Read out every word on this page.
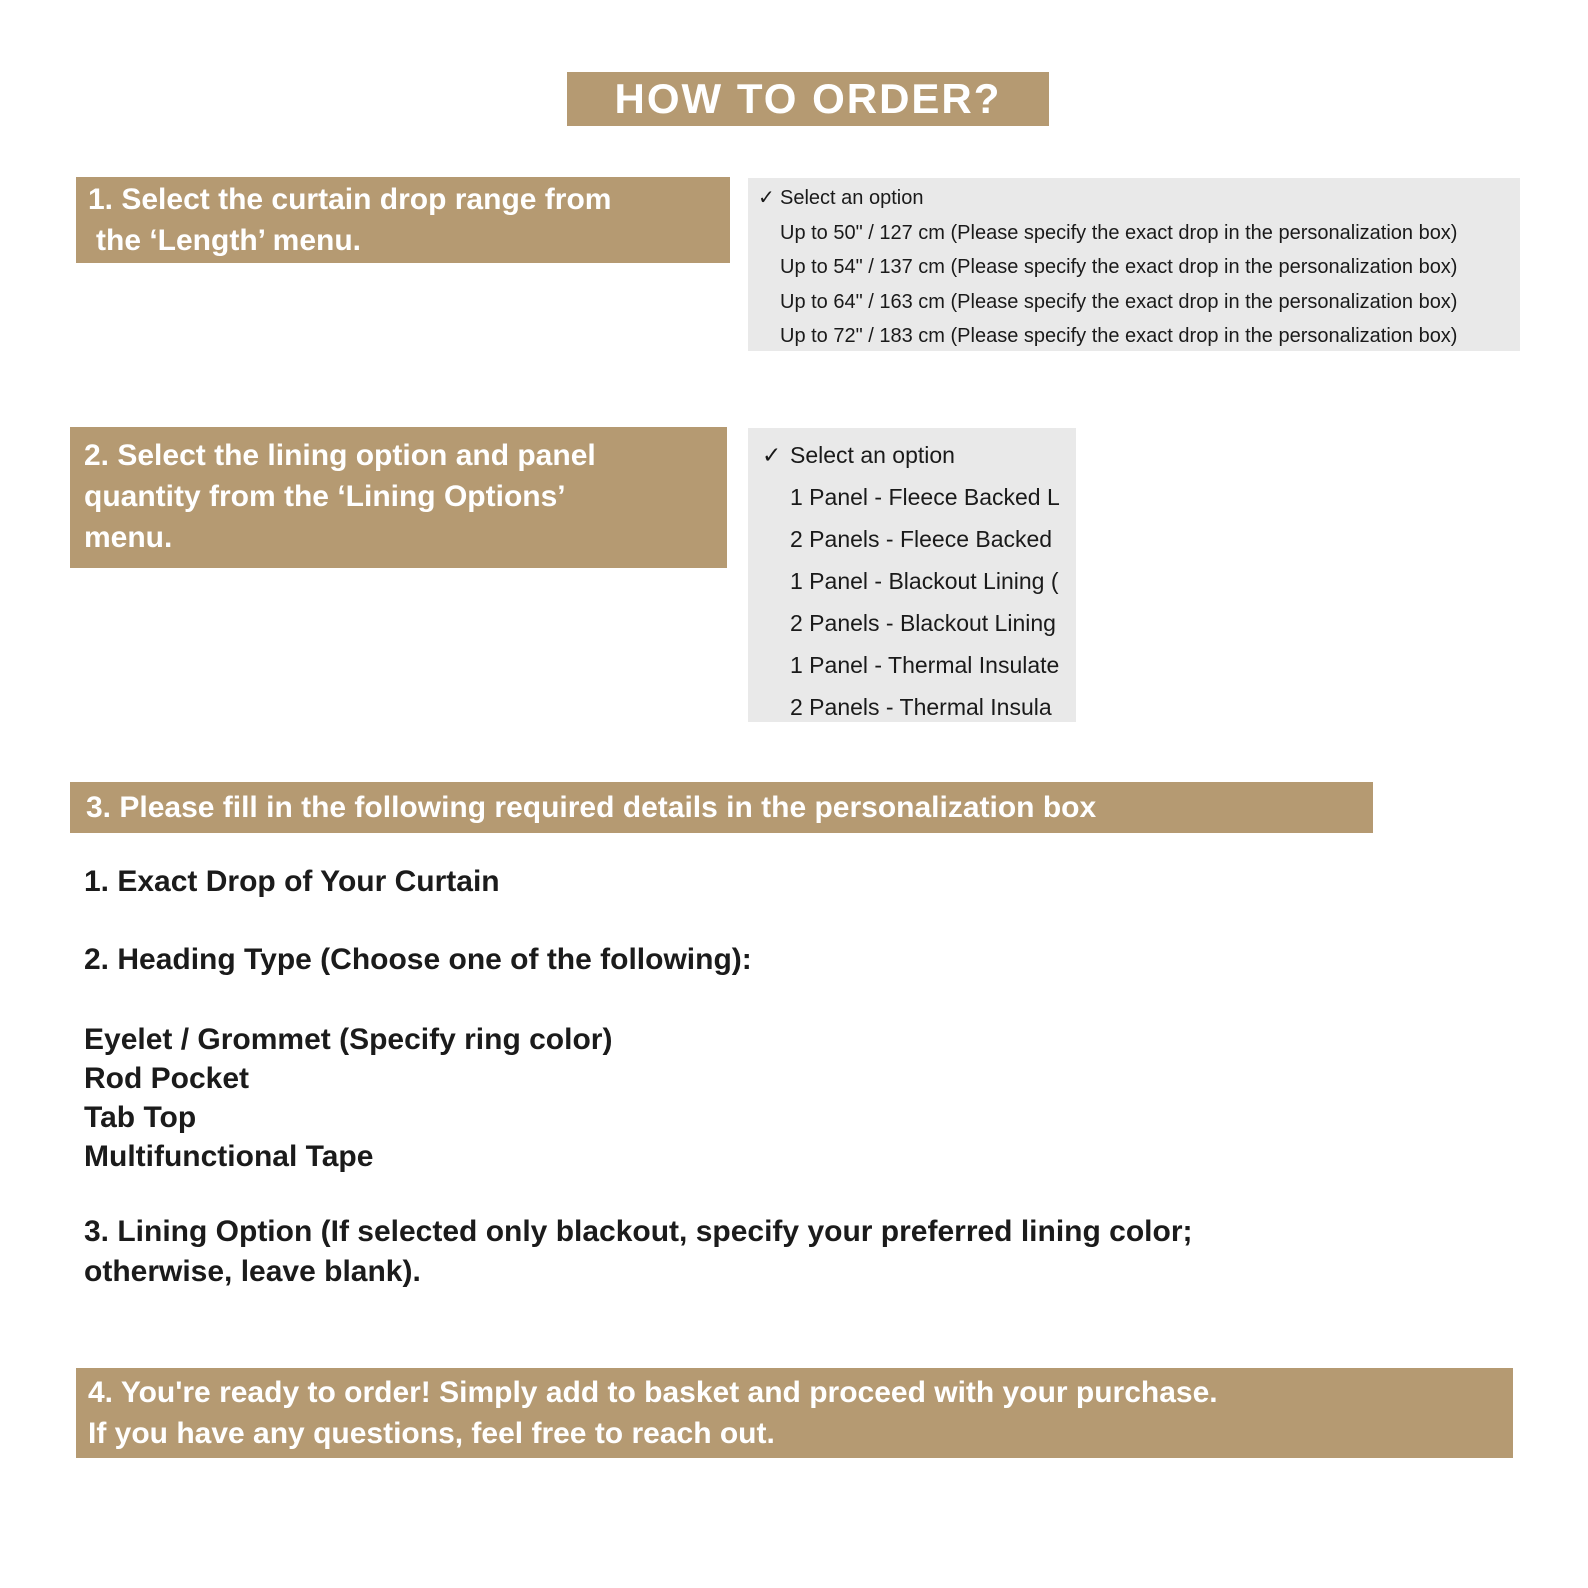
HOW TO ORDER?
1. Select the curtain drop range from
the ‘Length’ menu.
✓ Select an option
Up to 50" / 127 cm (Please specify the exact drop in the personalization box)
Up to 54" / 137 cm (Please specify the exact drop in the personalization box)
Up to 64" / 163 cm (Please specify the exact drop in the personalization box)
Up to 72" / 183 cm (Please specify the exact drop in the personalization box)
2. Select the lining option and panel
quantity from the ‘Lining Options’
menu.
✓ Select an option
1 Panel - Fleece Backed L
2 Panels - Fleece Backed
1 Panel - Blackout Lining (
2 Panels - Blackout Lining
1 Panel - Thermal Insulate
2 Panels - Thermal Insula
3. Please fill in the following required details in the personalization box
1. Exact Drop of Your Curtain
2. Heading Type (Choose one of the following):
Eyelet / Grommet (Specify ring color)
Rod Pocket
Tab Top
Multifunctional Tape
3. Lining Option (If selected only blackout, specify your preferred lining color;
otherwise, leave blank).
4. You're ready to order! Simply add to basket and proceed with your purchase.
If you have any questions, feel free to reach out.
